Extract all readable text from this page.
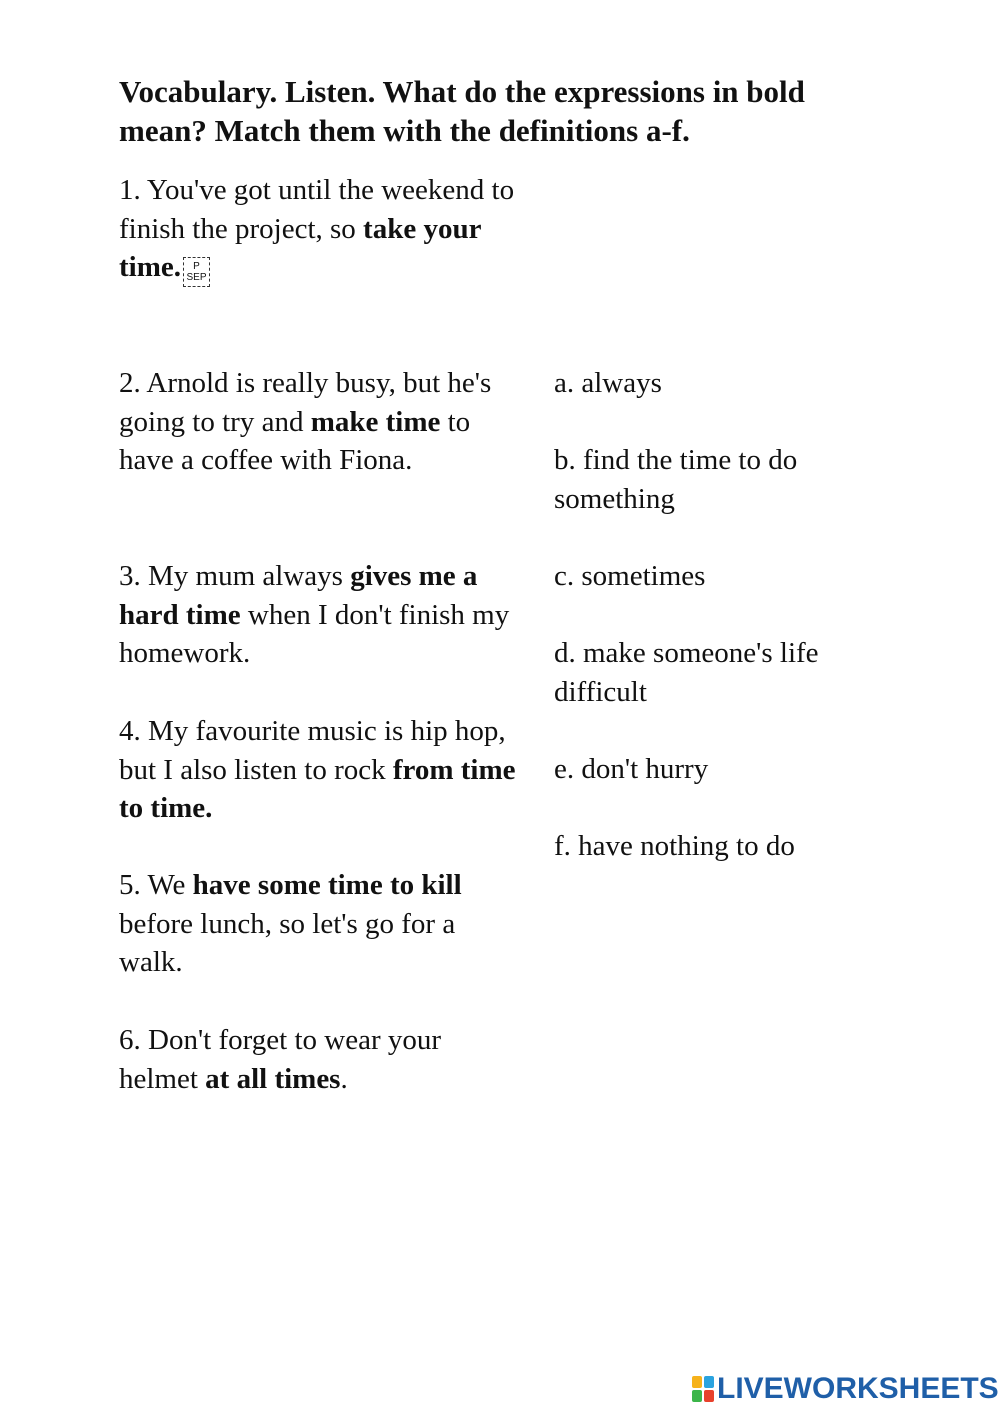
Vocabulary. Listen. What do the expressions in bold mean? Match them with the definitions a-f.

1. You've got until the weekend to finish the project, so take your time. P
SEP

2. Arnold is really busy, but he's going to try and make time to have a coffee with Fiona.

3. My mum always gives me a hard time when I don't finish my homework.

4. My favourite music is hip hop, but I also listen to rock from time to time.

5. We have some time to kill before lunch, so let's go for a walk.

6. Don't forget to wear your helmet at all times.

a. always

b. find the time to do something

c. sometimes

d. make someone's life difficult

e. don't hurry

f. have nothing to do

LIVEWORKSHEETS
